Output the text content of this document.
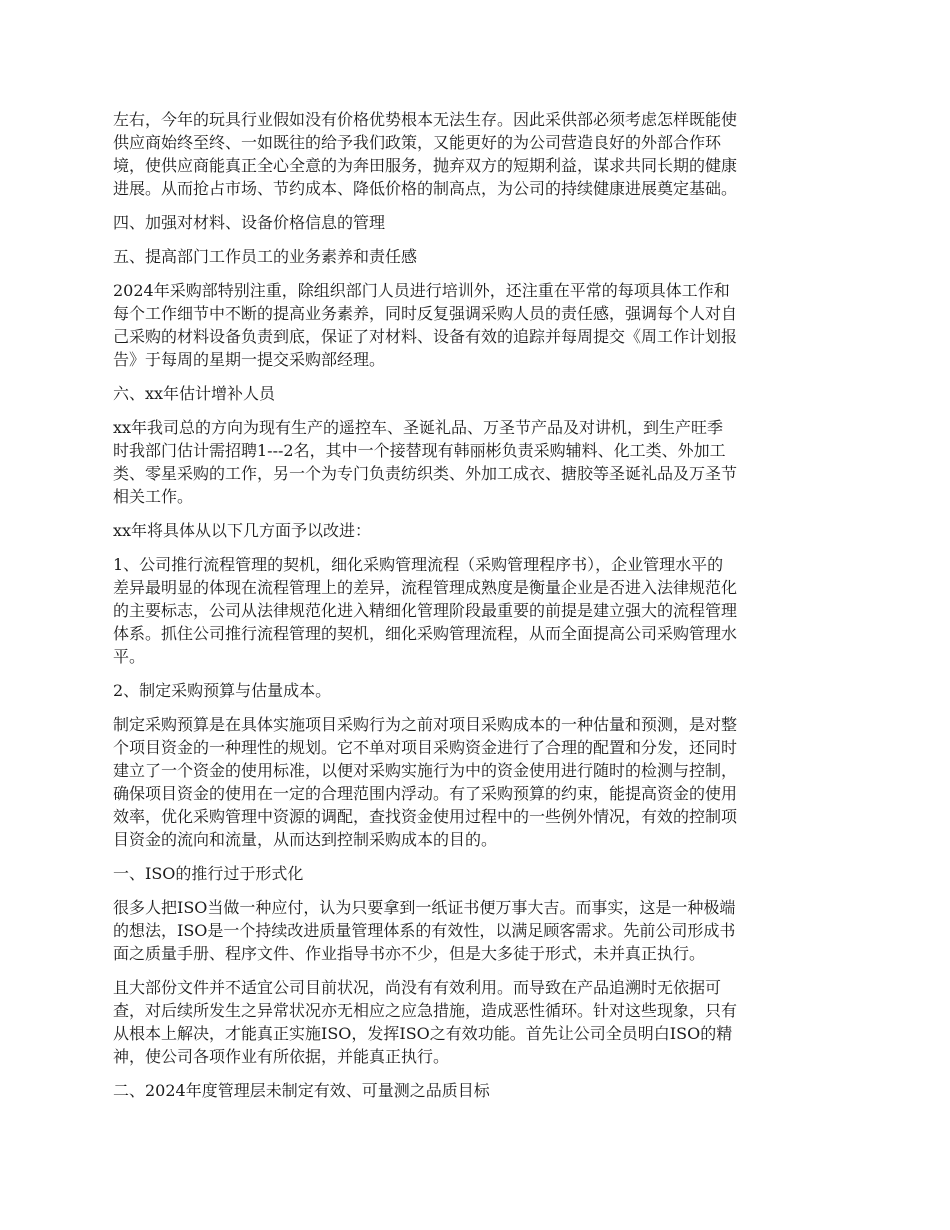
左右，今年的玩具行业假如没有价格优势根本无法生存。因此采供部必须考虑怎样既能使
供应商始终至终、一如既往的给予我们政策，又能更好的为公司营造良好的外部合作环
境，使供应商能真正全心全意的为奔田服务，抛弃双方的短期利益，谋求共同长期的健康
进展。从而抢占市场、节约成本、降低价格的制高点，为公司的持续健康进展奠定基础。

四、加强对材料、设备价格信息的管理

五、提高部门工作员工的业务素养和责任感

2024年采购部特别注重，除组织部门人员进行培训外，还注重在平常的每项具体工作和
每个工作细节中不断的提高业务素养，同时反复强调采购人员的责任感，强调每个人对自
己采购的材料设备负责到底，保证了对材料、设备有效的追踪并每周提交《周工作计划报
告》于每周的星期一提交采购部经理。

六、xx年估计增补人员

xx年我司总的方向为现有生产的遥控车、圣诞礼品、万圣节产品及对讲机，到生产旺季
时我部门估计需招聘1---2名，其中一个接替现有韩丽彬负责采购辅料、化工类、外加工
类、零星采购的工作，另一个为专门负责纺织类、外加工成衣、搪胶等圣诞礼品及万圣节
相关工作。

xx年将具体从以下几方面予以改进：

1、公司推行流程管理的契机，细化采购管理流程（采购管理程序书），企业管理水平的
差异最明显的体现在流程管理上的差异，流程管理成熟度是衡量企业是否进入法律规范化
的主要标志，公司从法律规范化进入精细化管理阶段最重要的前提是建立强大的流程管理
体系。抓住公司推行流程管理的契机，细化采购管理流程，从而全面提高公司采购管理水
平。

2、制定采购预算与估量成本。

制定采购预算是在具体实施项目采购行为之前对项目采购成本的一种估量和预测，是对整
个项目资金的一种理性的规划。它不单对项目采购资金进行了合理的配置和分发，还同时
建立了一个资金的使用标准，以便对采购实施行为中的资金使用进行随时的检测与控制，
确保项目资金的使用在一定的合理范围内浮动。有了采购预算的约束，能提高资金的使用
效率，优化采购管理中资源的调配，查找资金使用过程中的一些例外情况，有效的控制项
目资金的流向和流量，从而达到控制采购成本的目的。

一、ISO的推行过于形式化

很多人把ISO当做一种应付，认为只要拿到一纸证书便万事大吉。而事实，这是一种极端
的想法，ISO是一个持续改进质量管理体系的有效性，以满足顾客需求。先前公司形成书
面之质量手册、程序文件、作业指导书亦不少，但是大多徒于形式，未并真正执行。

且大部份文件并不适宜公司目前状况，尚没有有效利用。而导致在产品追溯时无依据可
查，对后续所发生之异常状况亦无相应之应急措施，造成恶性循环。针对这些现象，只有
从根本上解决，才能真正实施ISO，发挥ISO之有效功能。首先让公司全员明白ISO的精
神，使公司各项作业有所依据，并能真正执行。

二、2024年度管理层未制定有效、可量测之品质目标
